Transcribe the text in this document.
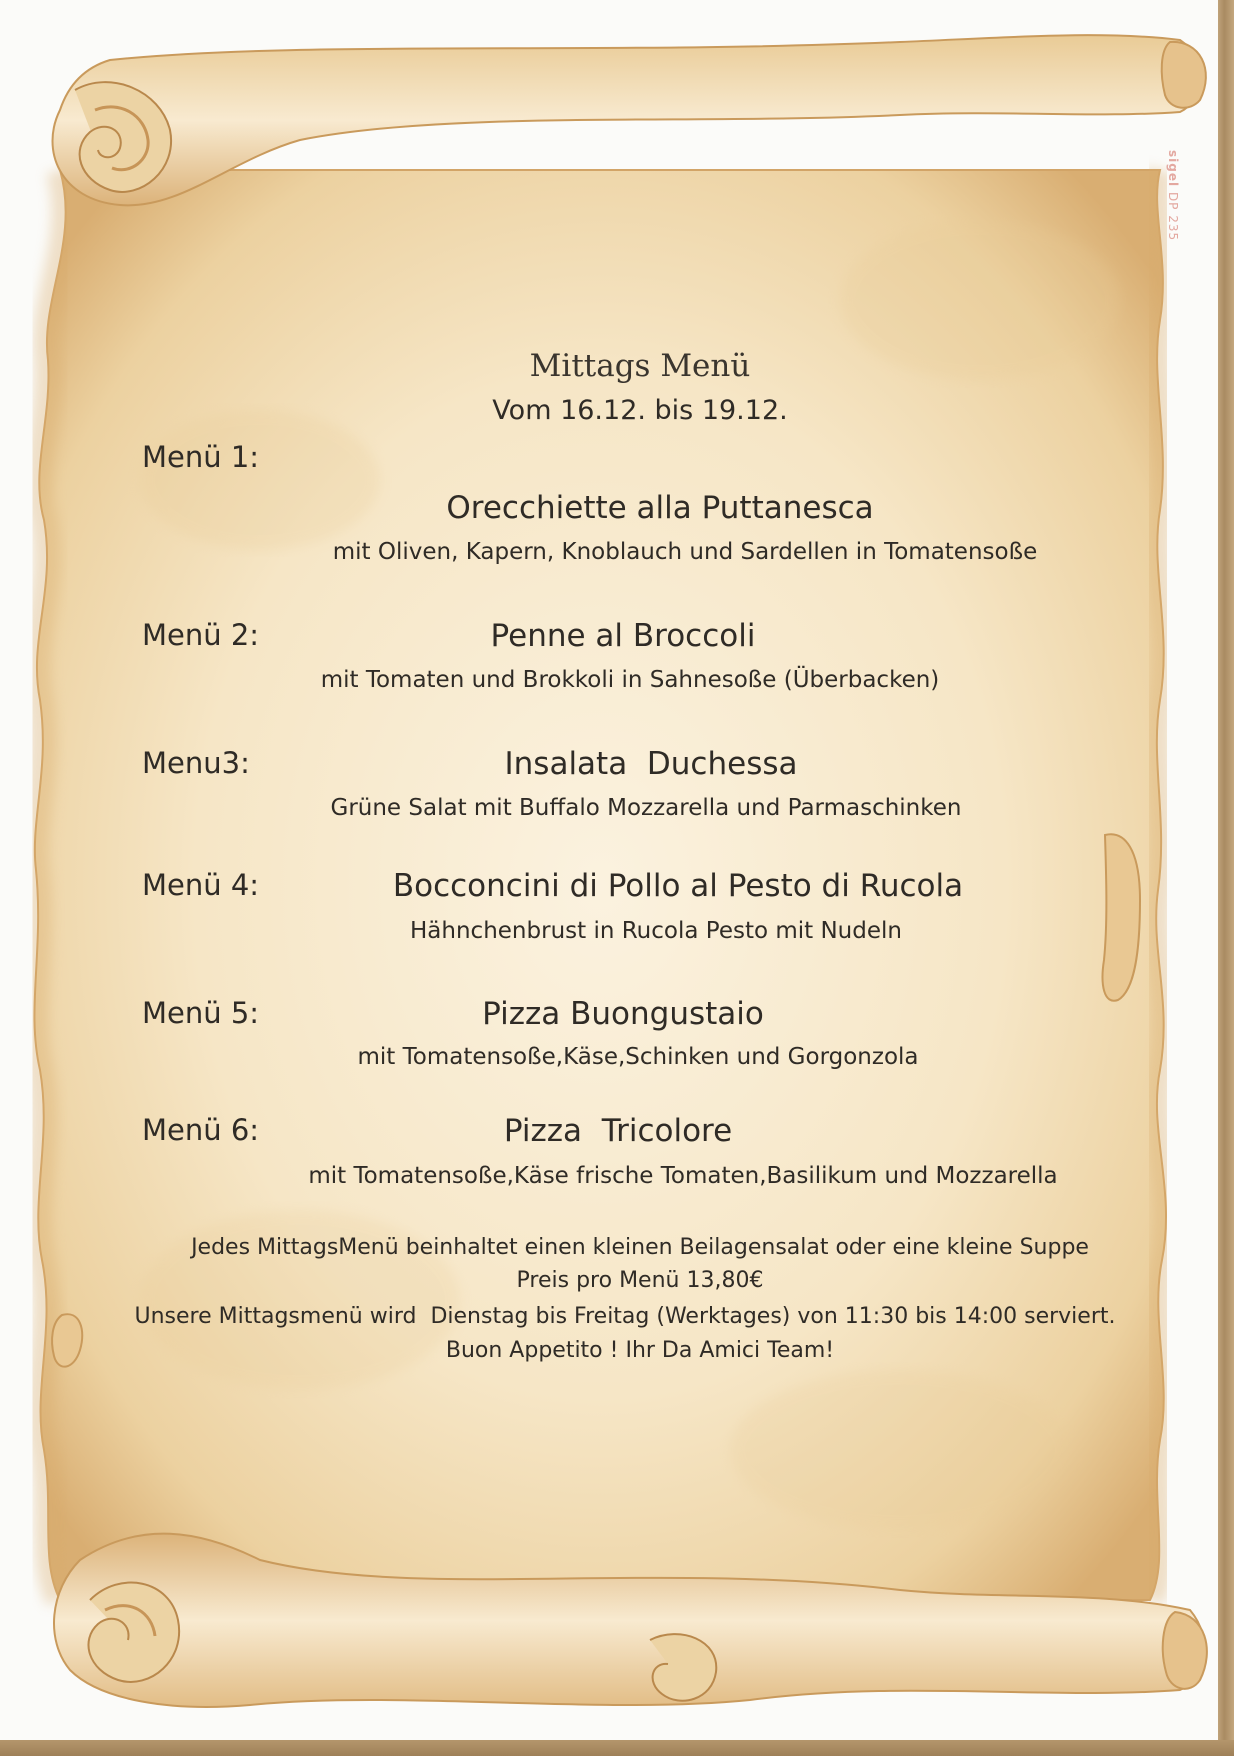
sigel DP 235
Mittags Menü
Vom 16.12. bis 19.12.
Menü 1:
Orecchiette alla Puttanesca
mit Oliven, Kapern, Knoblauch und Sardellen in Tomatensoße
Menü 2:	Penne al Broccoli
mit Tomaten und Brokkoli in Sahnesoße (Überbacken)
Menu3:	Insalata  Duchessa
Grüne Salat mit Buffalo Mozzarella und Parmaschinken
Menü 4:	Bocconcini di Pollo al Pesto di Rucola
Hähnchenbrust in Rucola Pesto mit Nudeln
Menü 5:	Pizza Buongustaio
mit Tomatensoße,Käse,Schinken und Gorgonzola
Menü 6:	Pizza  Tricolore
mit Tomatensoße,Käse frische Tomaten,Basilikum und Mozzarella
Jedes MittagsMenü beinhaltet einen kleinen Beilagensalat oder eine kleine Suppe
Preis pro Menü 13,80€
Unsere Mittagsmenü wird  Dienstag bis Freitag (Werktages) von 11:30 bis 14:00 serviert.
Buon Appetito ! Ihr Da Amici Team!
